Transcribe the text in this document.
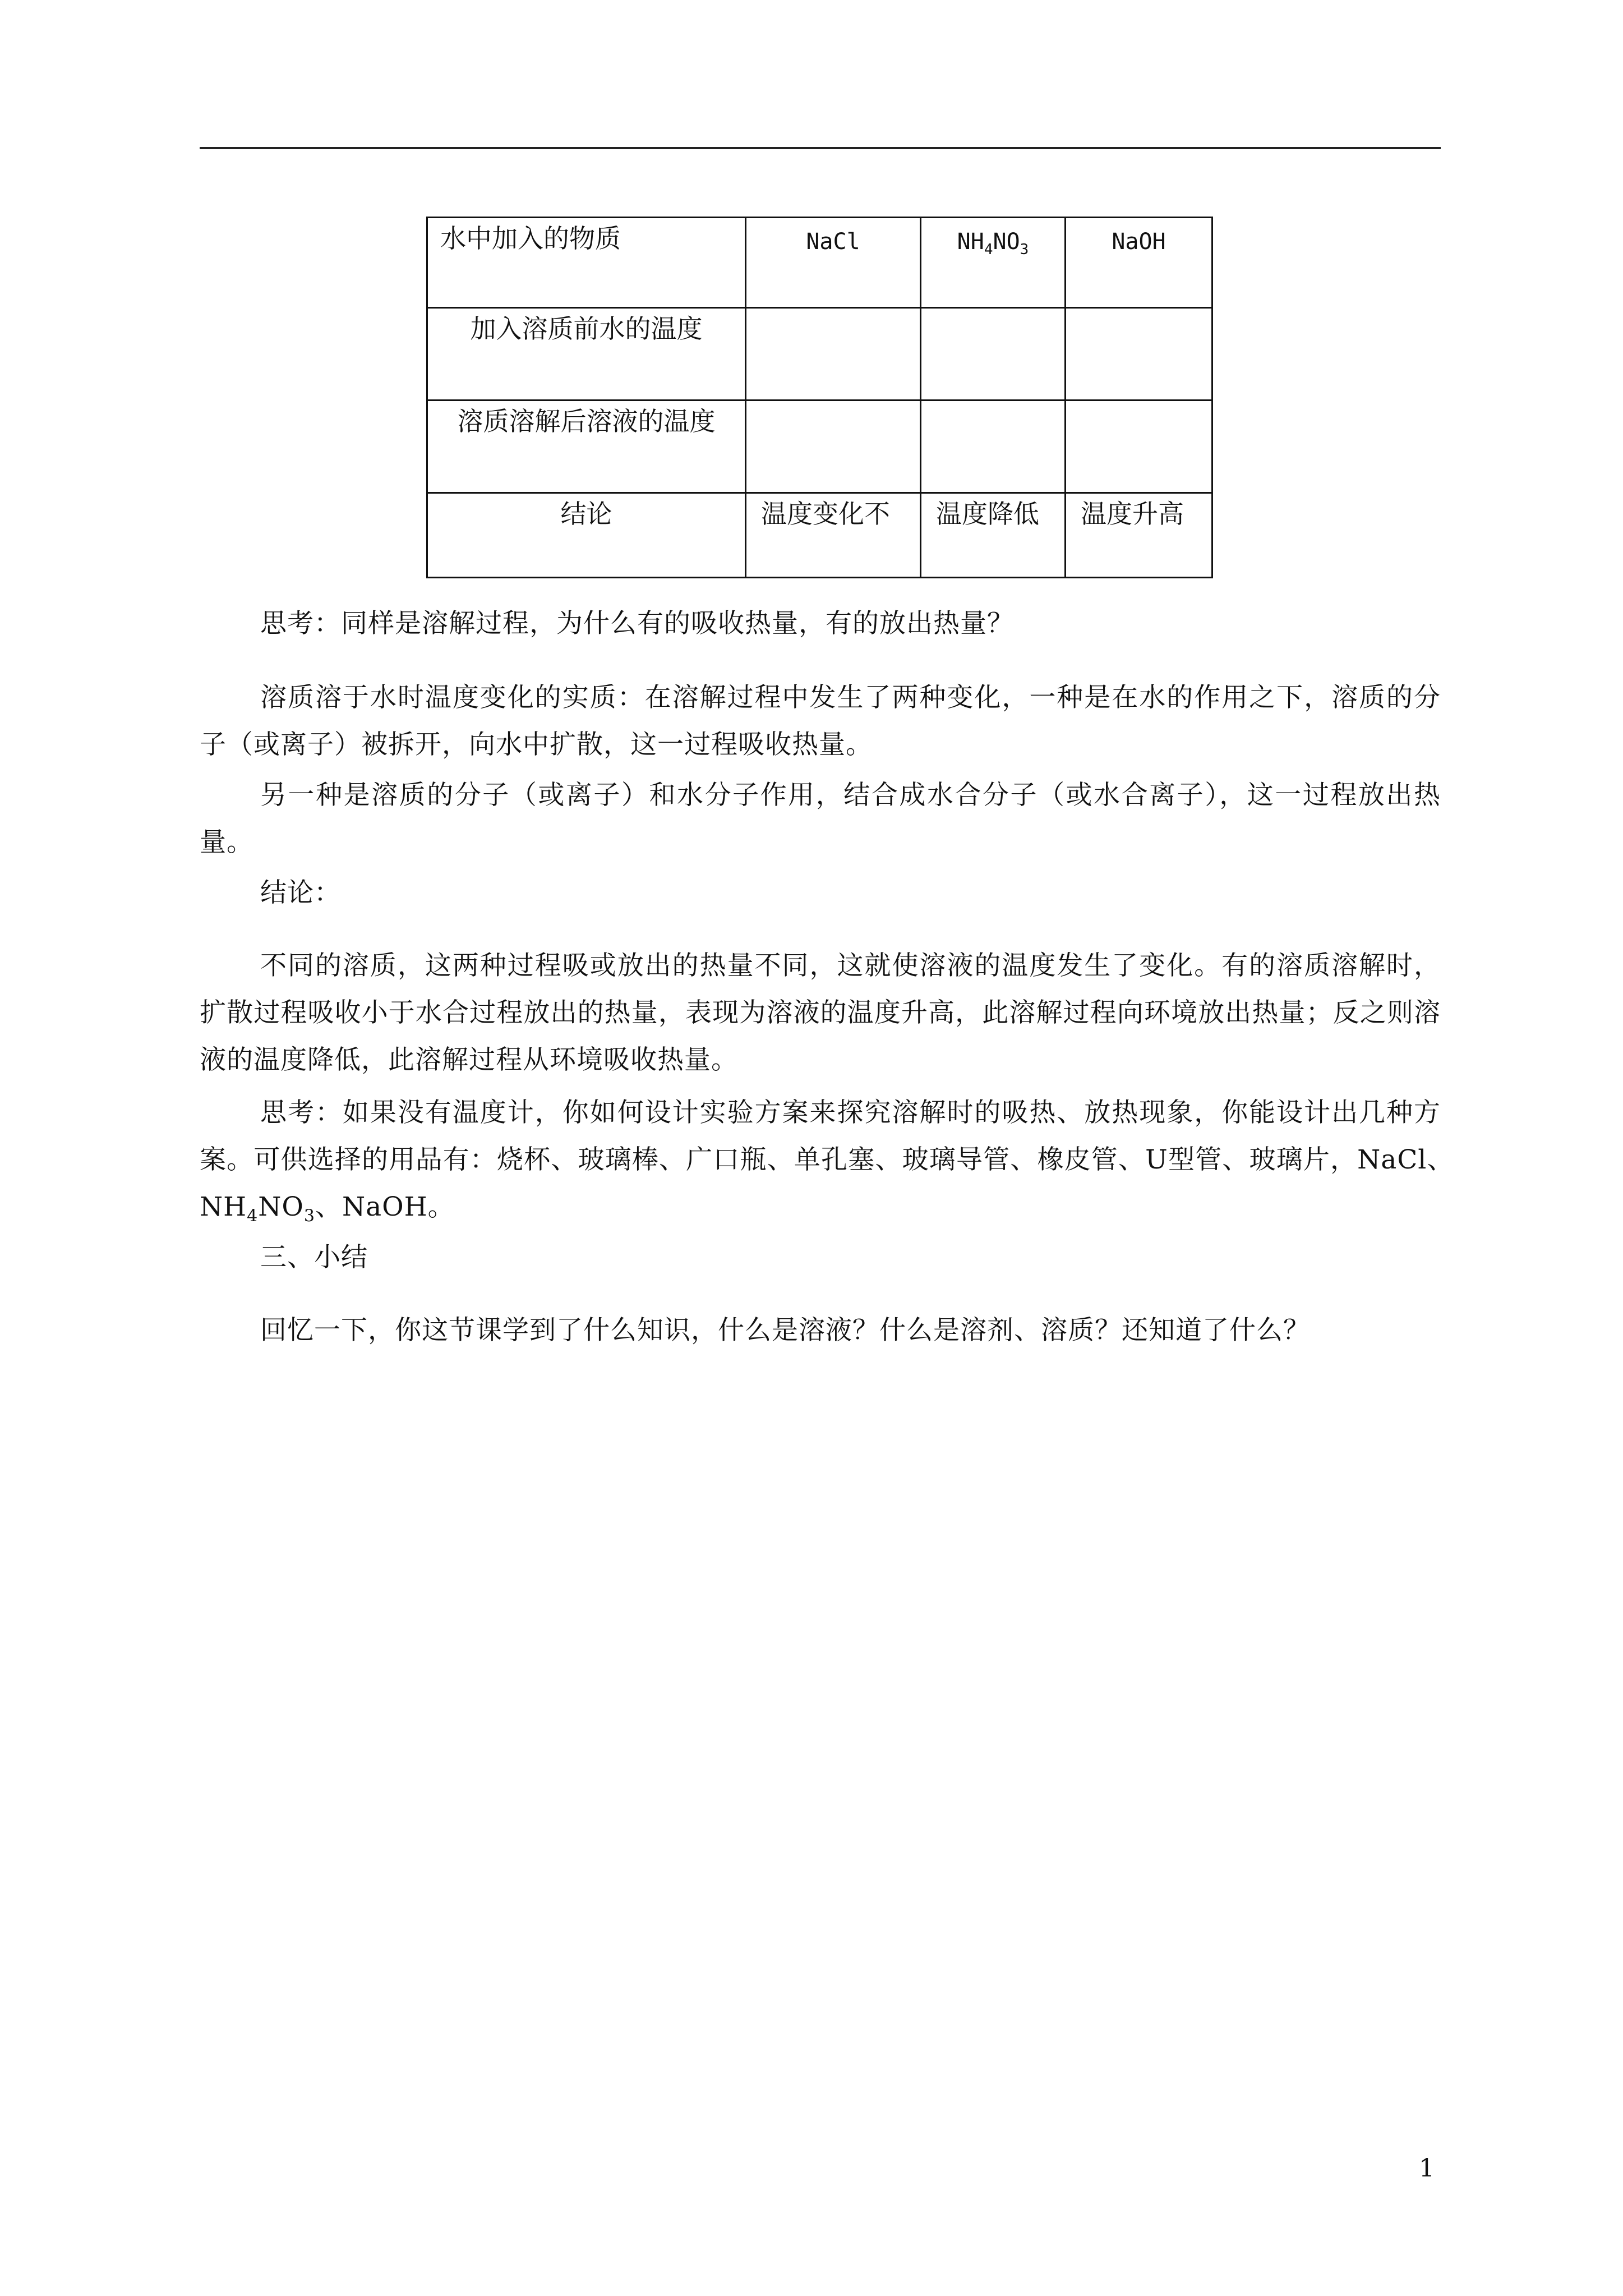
水中加入的物质	NaCl	$NH_4NO_3$	NaOH
加入溶质前水的温度			
溶质溶解后溶液的温度			
结论	温度变化不	温度降低	温度升高

思考：同样是溶解过程，为什么有的吸收热量，有的放出热量？

溶质溶于水时温度变化的实质：在溶解过程中发生了两种变化，一种是在水的作用之下，溶质的分子（或离子）被拆开，向水中扩散，这一过程吸收热量。

另一种是溶质的分子（或离子）和水分子作用，结合成水合分子（或水合离子），这一过程放出热量。

结论：

不同的溶质，这两种过程吸或放出的热量不同，这就使溶液的温度发生了变化。有的溶质溶解时，扩散过程吸收小于水合过程放出的热量，表现为溶液的温度升高，此溶解过程向环境放出热量；反之则溶液的温度降低，此溶解过程从环境吸收热量。

思考：如果没有温度计，你如何设计实验方案来探究溶解时的吸热、放热现象，你能设计出几种方案。可供选择的用品有：烧杯、玻璃棒、广口瓶、单孔塞、玻璃导管、橡皮管、U型管、玻璃片，NaCl、　$NH_4NO_3$、NaOH。

三、小结

回忆一下，你这节课学到了什么知识，什么是溶液？什么是溶剂、溶质？还知道了什么？

1
